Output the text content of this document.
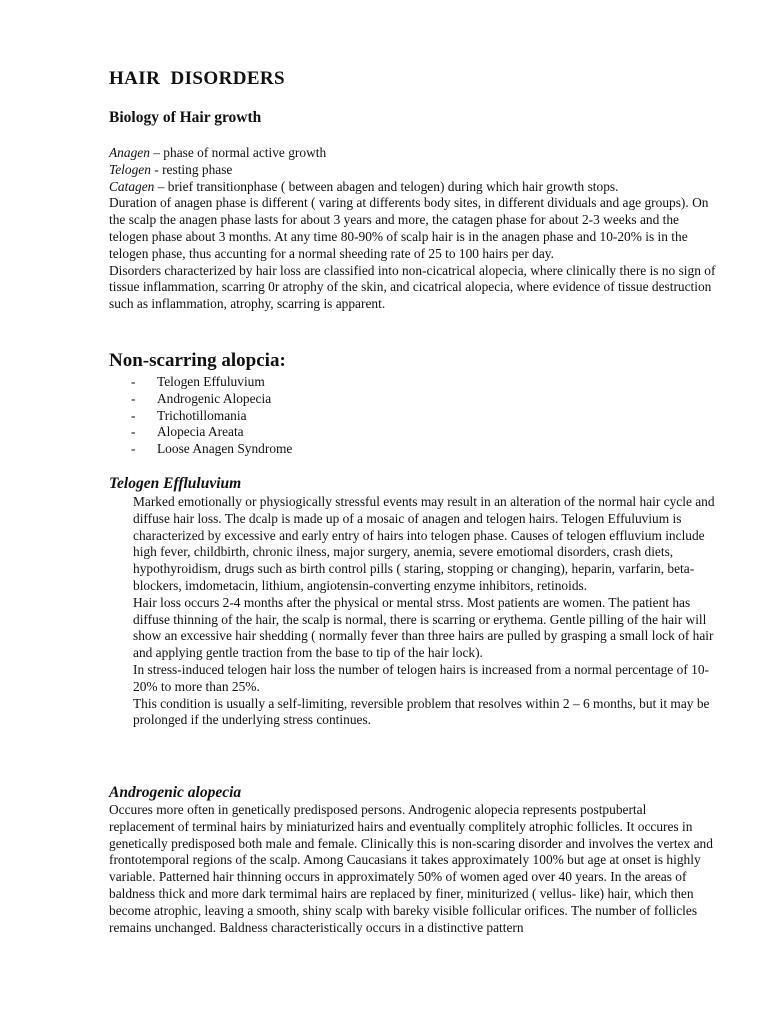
HAIR  DISORDERS
Biology of Hair growth

Anagen – phase of normal active growth

Telogen - resting phase

Catagen – brief transitionphase ( between abagen and telogen) during which hair growth stops.

Duration of anagen phase is different ( varing at differents body sites, in different dividuals and age groups). On the scalp the anagen phase lasts for about 3 years and more, the catagen phase for about 2-3 weeks and the telogen phase about 3 months. At any time 80-90% of scalp hair is in the anagen phase and 10-20% is in the telogen phase, thus accunting for a normal sheeding rate of 25 to 100 hairs per day.

Disorders characterized by hair loss are classified into non-cicatrical alopecia, where clinically there is no sign of tissue inflammation, scarring 0r atrophy of the skin, and cicatrical alopecia, where evidence of tissue destruction such as inflammation, atrophy, scarring is apparent.

Non-scarring alopcia:
- Telogen Effuluvium
- Androgenic Alopecia
- Trichotillomania
- Alopecia Areata
- Loose Anagen Syndrome
Telogen Effluluvium

Marked emotionally or physiogically stressful events may result in an alteration of the normal hair cycle and diffuse hair loss. The dcalp is made up of a mosaic of anagen and telogen hairs. Telogen Effuluvium is characterized by excessive and early entry of hairs into telogen phase. Causes of telogen effluvium include high fever, childbirth, chronic ilness, major surgery, anemia, severe emotiomal disorders, crash diets, hypothyroidism, drugs such as birth control pills ( staring, stopping or changing), heparin, varfarin, beta-blockers, imdometacin, lithium, angiotensin-converting enzyme inhibitors, retinoids.

Hair loss occurs 2-4 months after the physical or mental strss. Most patients are women. The patient has diffuse thinning of the hair, the scalp is normal, there is scarring or erythema. Gentle pilling of the hair will show an excessive hair shedding ( normally fever than three hairs are pulled by grasping a small lock of hair and applying gentle traction from the base to tip of the hair lock).

In stress-induced telogen hair loss the number of telogen hairs is increased from a normal percentage of 10-20% to more than 25%.

This condition is usually a self-limiting, reversible problem that resolves within 2 – 6 months, but it may be prolonged if the underlying stress continues.

Androgenic alopecia

Occures more often in genetically predisposed persons. Androgenic alopecia represents postpubertal replacement of terminal hairs by miniaturized hairs and eventually complitely atrophic follicles. It occures in genetically predisposed both male and female. Clinically this is non-scaring disorder and involves the vertex and frontotemporal regions of the scalp. Among Caucasians it takes approximately 100% but age at onset is highly variable. Patterned hair thinning occurs in approximately 50% of women aged over 40 years. In the areas of baldness thick and more dark termimal hairs are replaced by finer, miniturized ( vellus- like) hair, which then become atrophic, leaving a smooth, shiny scalp with bareky visible follicular orifices. The number of follicles remains unchanged. Baldness characteristically occurs in a distinctive pattern
